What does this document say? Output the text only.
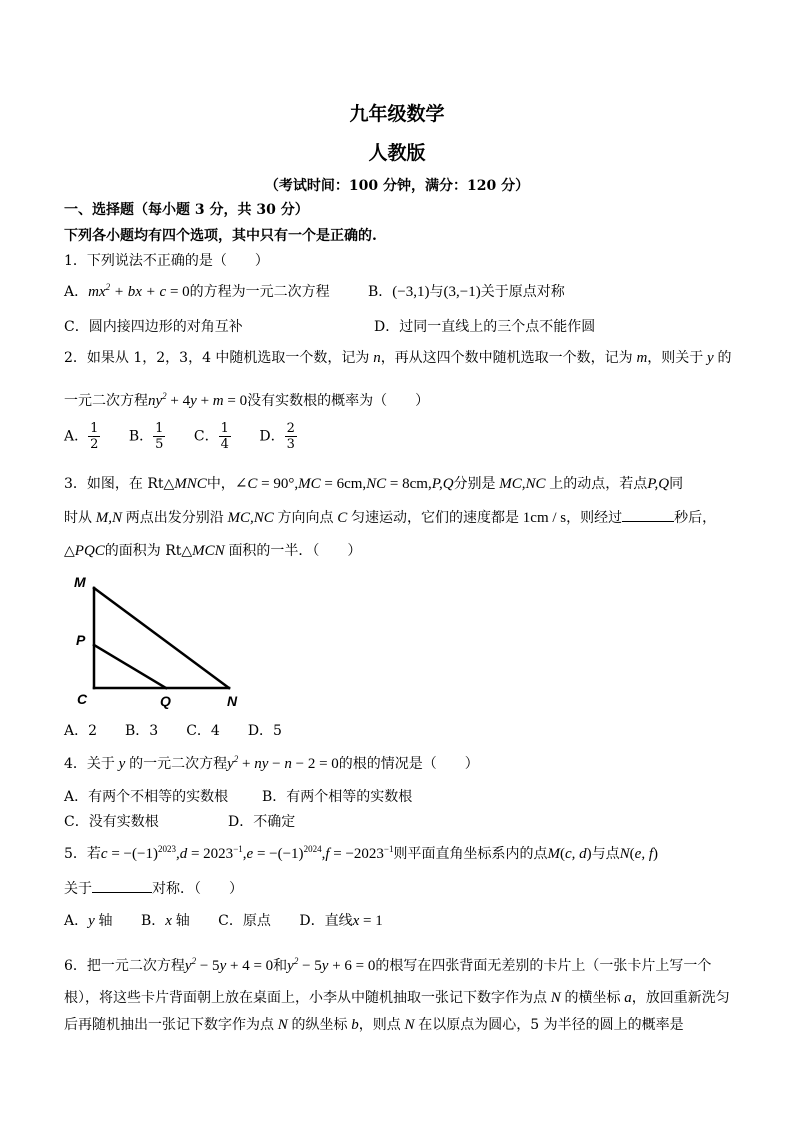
九年级数学
人教版
（考试时间：100 分钟，满分：120 分）
一、选择题（每小题 3 分，共 30 分）
下列各小题均有四个选项，其中只有一个是正确的.
1．下列说法不正确的是（　　）
A．$mx^2$ + bx + c = 0的方程为一元二次方程	B．(−3,1)与(3,−1)关于原点对称
C．圆内接四边形的对角互补	D．过同一直线上的三个点不能作圆
2．如果从 1，2，3，4 中随机选取一个数，记为 n，再从这四个数中随机选取一个数，记为 m，则关于 y 的
一元二次方程$ny^2 + 4y + m = 0$没有实数根的概率为（　　）
A． $\frac{1}{2}$ B． $\frac{1}{5}$ C． $\frac{1}{4}$ D． $\frac{2}{3}$
3．如图，在 Rt△MNC中，∠C = 90°,MC = 6cm,NC = 8cm,P,Q分别是 MC,NC 上的动点，若点P,Q同
时从 M,N 两点出发分别沿 MC,NC 方向向点 C 匀速运动，它们的速度都是 1cm / s，则经过	秒后，
△PQC的面积为 Rt△MCN 面积的一半．（　　）
M
P
C	Q	N
A．2　　B．3　　C．4　　D．5
4．关于 y 的一元二次方程$y^2$ + ny − n − 2 = 0的根的情况是（　　）
A．有两个不相等的实数根 B．有两个相等的实数根
C．没有实数根	D．不确定
5．若$c = -(-1)^{2023},d = 2023^{-1},e = -(-1)^{2024},f = -2023^{-1}$则平面直角坐标系内的点M(c, d)与点N(e, f)
关于	对称．（　　）
A．y 轴 B．x 轴 C．原点 D．直线x = 1
6．把一元二次方程$y^2 - 5y + 4 = 0$和$y^2 - 5y + 6 = 0$的根写在四张背面无差别的卡片上（一张卡片上写一个
根），将这些卡片背面朝上放在桌面上，小李从中随机抽取一张记下数字作为点 N 的横坐标 a，放回重新洗匀
后再随机抽出一张记下数字作为点 N 的纵坐标 b，则点 N 在以原点为圆心，5 为半径的圆上的概率是
